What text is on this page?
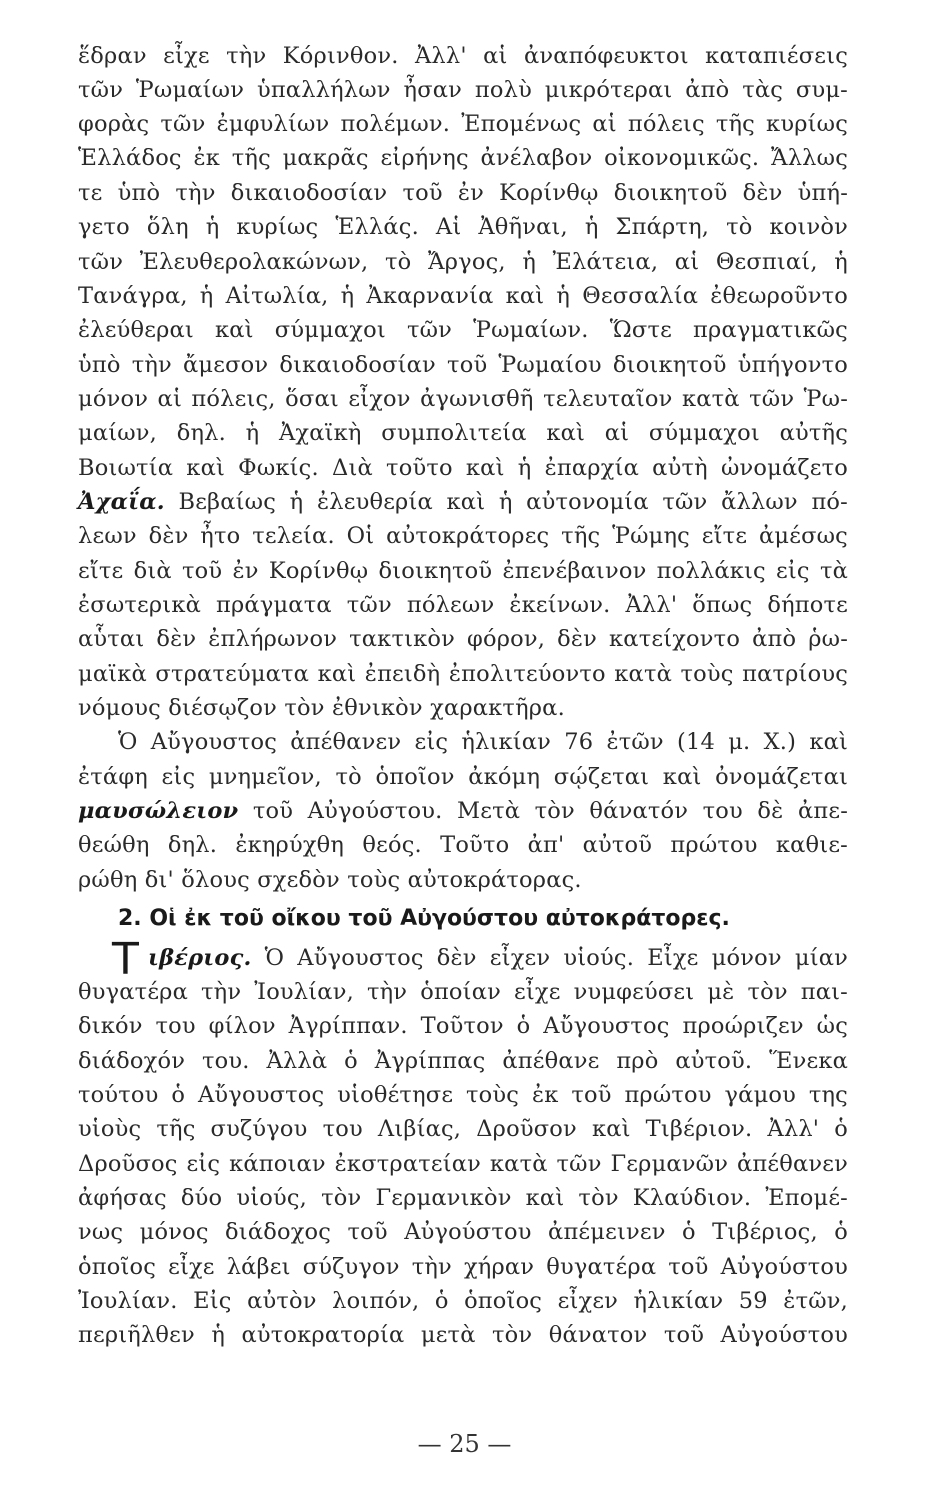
ἕδραν εἶχε τὴν Κόρινθον. Ἀλλ' αἱ ἀναπόφευκτοι καταπιέσεις
τῶν Ῥωμαίων ὑπαλλήλων ἦσαν πολὺ μικρότεραι ἀπὸ τὰς συμ-
φορὰς τῶν ἐμφυλίων πολέμων. Ἐπομένως αἱ πόλεις τῆς κυρίως
Ἑλλάδος ἐκ τῆς μακρᾶς εἰρήνης ἀνέλαβον οἰκονομικῶς. Ἄλλως
τε ὑπὸ τὴν δικαιοδοσίαν τοῦ ἐν Κορίνθῳ διοικητοῦ δὲν ὑπή-
γετο ὅλη ἡ κυρίως Ἑλλάς. Αἱ Ἀθῆναι, ἡ Σπάρτη, τὸ κοινὸν
τῶν Ἐλευθερολακώνων, τὸ Ἄργος, ἡ Ἐλάτεια, αἱ Θεσπιαί, ἡ
Τανάγρα, ἡ Αἰτωλία, ἡ Ἀκαρνανία καὶ ἡ Θεσσαλία ἐθεωροῦντο
ἐλεύθεραι καὶ σύμμαχοι τῶν Ῥωμαίων. Ὥστε πραγματικῶς
ὑπὸ τὴν ἄμεσον δικαιοδοσίαν τοῦ Ῥωμαίου διοικητοῦ ὑπήγοντο
μόνον αἱ πόλεις, ὅσαι εἶχον ἀγωνισθῆ τελευταῖον κατὰ τῶν Ῥω-
μαίων, δηλ. ἡ Ἀχαϊκὴ συμπολιτεία καὶ αἱ σύμμαχοι αὐτῆς
Βοιωτία καὶ Φωκίς. Διὰ τοῦτο καὶ ἡ ἐπαρχία αὐτὴ ὠνομάζετο
Ἀχαΐα. Βεβαίως ἡ ἐλευθερία καὶ ἡ αὐτονομία τῶν ἄλλων πό-
λεων δὲν ἦτο τελεία. Οἱ αὐτοκράτορες τῆς Ῥώμης εἴτε ἀμέσως
εἴτε διὰ τοῦ ἐν Κορίνθῳ διοικητοῦ ἐπενέβαινον πολλάκις εἰς τὰ
ἐσωτερικὰ πράγματα τῶν πόλεων ἐκείνων. Ἀλλ' ὅπως δήποτε
αὗται δὲν ἐπλήρωνον τακτικὸν φόρον, δὲν κατείχοντο ἀπὸ ῥω-
μαϊκὰ στρατεύματα καὶ ἐπειδὴ ἐπολιτεύοντο κατὰ τοὺς πατρίους
νόμους διέσῳζον τὸν ἐθνικὸν χαρακτῆρα.
Ὁ Αὔγουστος ἀπέθανεν εἰς ἡλικίαν 76 ἐτῶν (14 μ. Χ.) καὶ
ἐτάφη εἰς μνημεῖον, τὸ ὁποῖον ἀκόμη σῴζεται καὶ ὀνομάζεται
μαυσώλειον τοῦ Αὐγούστου. Μετὰ τὸν θάνατόν του δὲ ἀπε-
θεώθη δηλ. ἐκηρύχθη θεός. Τοῦτο ἀπ' αὐτοῦ πρώτου καθιε-
ρώθη δι' ὅλους σχεδὸν τοὺς αὐτοκράτορας.
2. Οἱ ἐκ τοῦ οἴκου τοῦ Αὐγούστου αὐτοκράτορες.
Τ ιβέριος. Ὁ Αὔγουστος δὲν εἶχεν υἱούς. Εἶχε μόνον μίαν
θυγατέρα τὴν Ἰουλίαν, τὴν ὁποίαν εἶχε νυμφεύσει μὲ τὸν παι-
δικόν του φίλον Ἀγρίππαν. Τοῦτον ὁ Αὔγουστος προώριζεν ὡς
διάδοχόν του. Ἀλλὰ ὁ Ἀγρίππας ἀπέθανε πρὸ αὐτοῦ. Ἕνεκα
τούτου ὁ Αὔγουστος υἱοθέτησε τοὺς ἐκ τοῦ πρώτου γάμου της
υἱοὺς τῆς συζύγου του Λιβίας, Δροῦσον καὶ Τιβέριον. Ἀλλ' ὁ
Δροῦσος εἰς κάποιαν ἐκστρατείαν κατὰ τῶν Γερμανῶν ἀπέθανεν
ἀφήσας δύο υἱούς, τὸν Γερμανικὸν καὶ τὸν Κλαύδιον. Ἐπομέ-
νως μόνος διάδοχος τοῦ Αὐγούστου ἀπέμεινεν ὁ Τιβέριος, ὁ
ὁποῖος εἶχε λάβει σύζυγον τὴν χήραν θυγατέρα τοῦ Αὐγούστου
Ἰουλίαν. Εἰς αὐτὸν λοιπόν, ὁ ὁποῖος εἶχεν ἡλικίαν 59 ἐτῶν,
περιῆλθεν ἡ αὐτοκρατορία μετὰ τὸν θάνατον τοῦ Αὐγούστου
— 25 —
